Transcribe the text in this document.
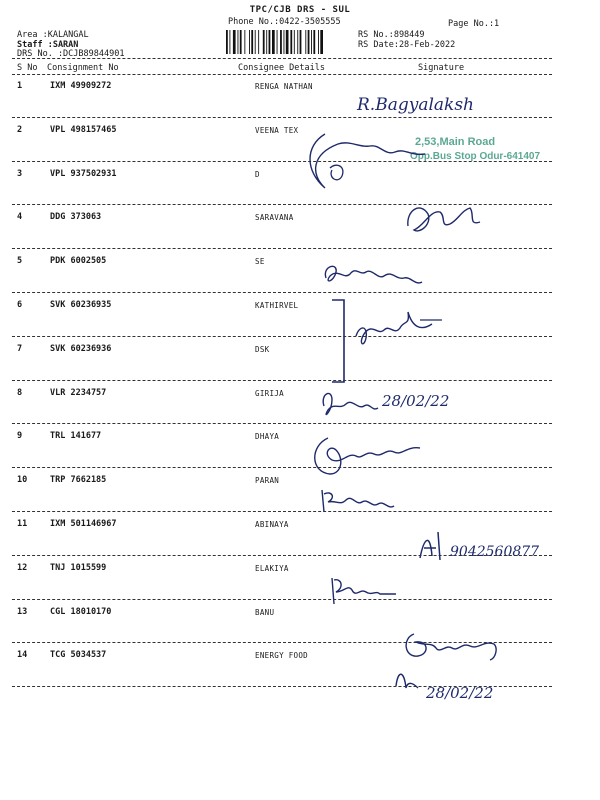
TPC/CJB DRS - SUL
Phone No.:0422-3505555	Page No.:1
Area :KALANGAL
Staff :SARAN
DRS No. :DCJB89844901
RS No.:898449
RS Date:28-Feb-2022
S No Consignment No	Consignee Details	Signature
1	IXM 49909272	RENGA NATHAN
2	VPL 498157465	VEENA TEX
3	VPL 937502931	D
4	DDG 373063	SARAVANA
5	PDK 6002505	SE
6	SVK 60236935	KATHIRVEL
7	SVK 60236936	DSK
8	VLR 2234757	GIRIJA
9	TRL 141677	DHAYA
10	TRP 7662185	PARAN
11	IXM 501146967	ABINAYA
12	TNJ 1015599	ELAKIYA
13	CGL 18010170	BANU
14	TCG 5034537	ENERGY FOOD
2,53,Main Road
Opp.Bus Stop Odur-641407
R.Bagyalaksh
28/02/22
9042560877
28/02/22
